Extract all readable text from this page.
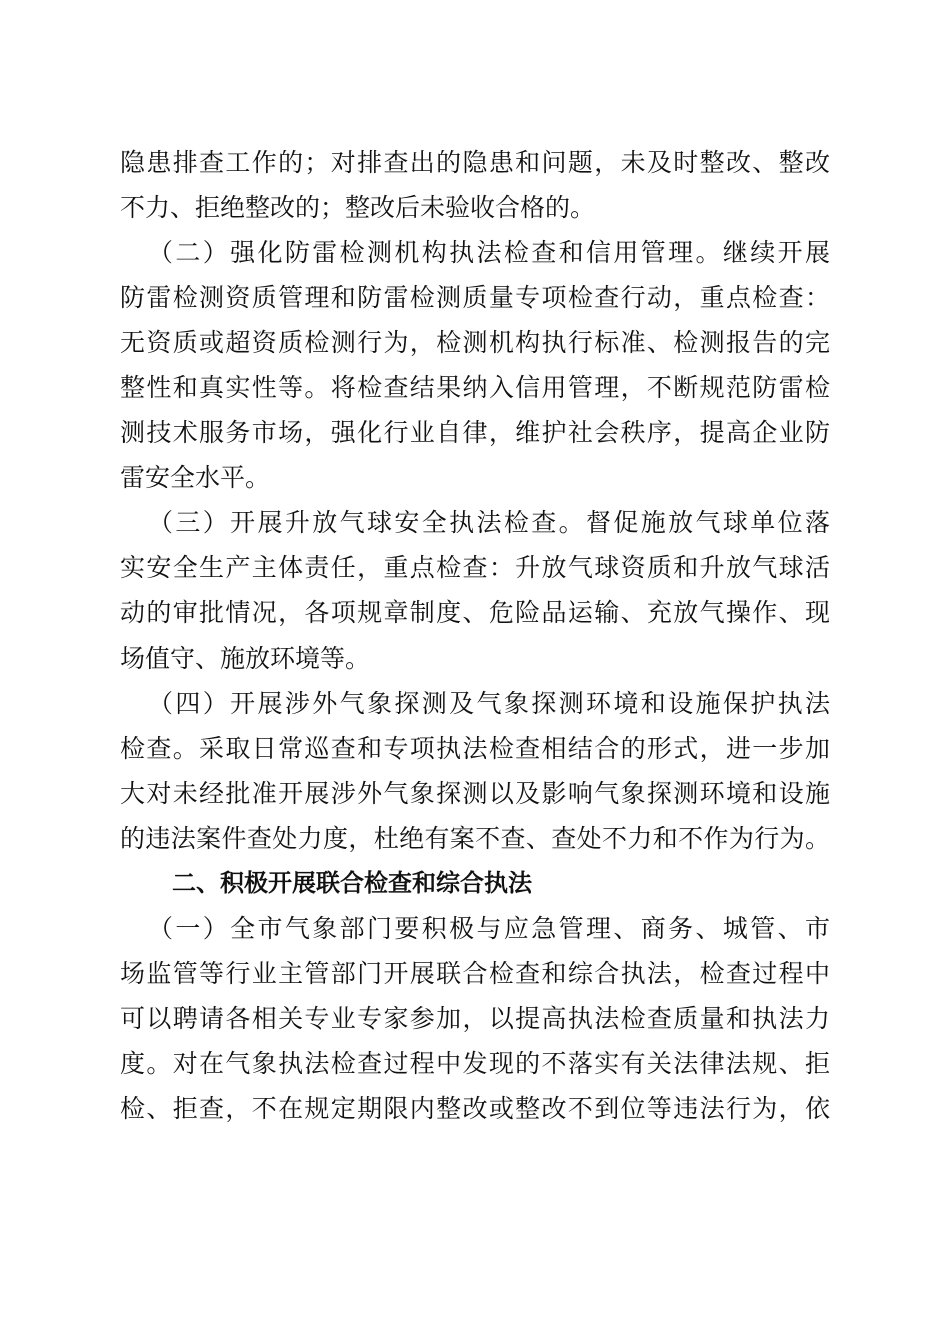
隐患排查工作的；对排查出的隐患和问题，未及时整改、整改
不力、拒绝整改的；整改后未验收合格的。
（二）强化防雷检测机构执法检查和信用管理。继续开展
防雷检测资质管理和防雷检测质量专项检查行动，重点检查：
无资质或超资质检测行为，检测机构执行标准、检测报告的完
整性和真实性等。将检查结果纳入信用管理，不断规范防雷检
测技术服务市场，强化行业自律，维护社会秩序，提高企业防
雷安全水平。
（三）开展升放气球安全执法检查。督促施放气球单位落
实安全生产主体责任，重点检查：升放气球资质和升放气球活
动的审批情况，各项规章制度、危险品运输、充放气操作、现
场值守、施放环境等。
（四）开展涉外气象探测及气象探测环境和设施保护执法
检查。采取日常巡查和专项执法检查相结合的形式，进一步加
大对未经批准开展涉外气象探测以及影响气象探测环境和设施
的违法案件查处力度，杜绝有案不查、查处不力和不作为行为。
二、积极开展联合检查和综合执法
（一）全市气象部门要积极与应急管理、商务、城管、市
场监管等行业主管部门开展联合检查和综合执法，检查过程中
可以聘请各相关专业专家参加，以提高执法检查质量和执法力
度。对在气象执法检查过程中发现的不落实有关法律法规、拒
检、拒查，不在规定期限内整改或整改不到位等违法行为，依
